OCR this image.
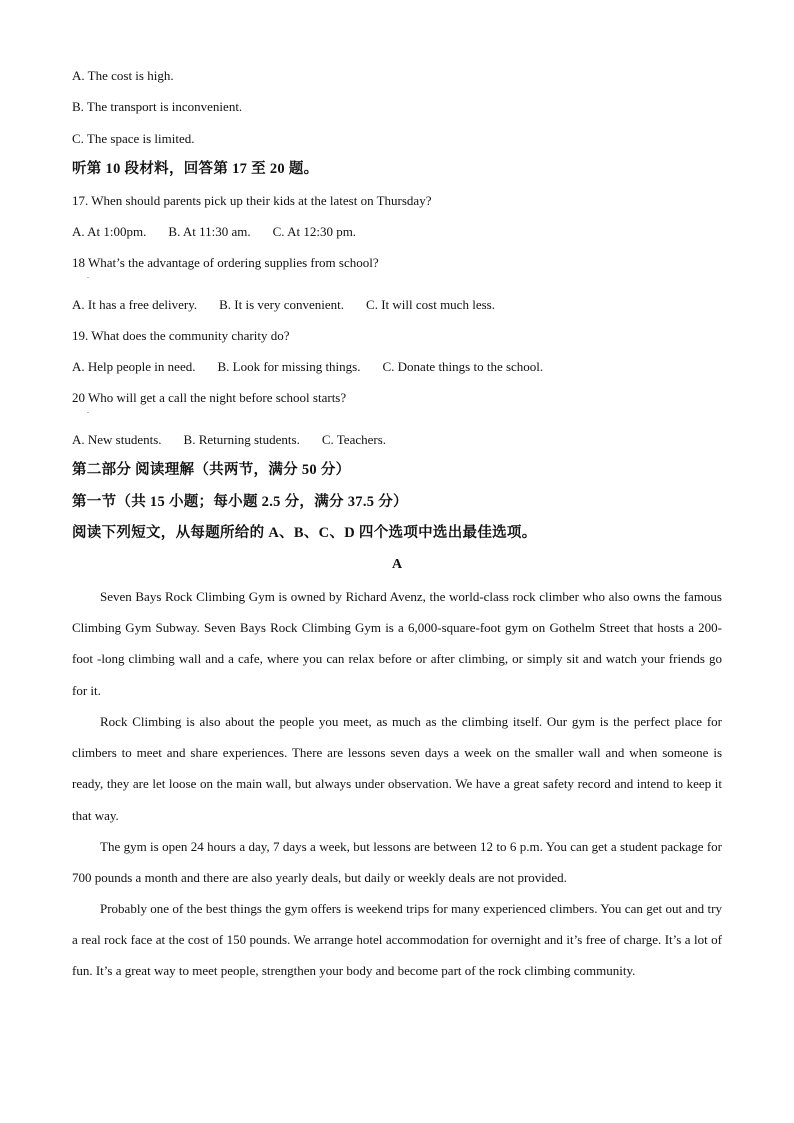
A. The cost is high.
B. The transport is inconvenient.
C. The space is limited.
听第 10 段材料，回答第 17 至 20 题。
17. When should parents pick up their kids at the latest on Thursday?
A. At 1:00pm. B. At 11:30 am. C. At 12:30 pm.
18 What’s the advantage of ordering supplies from school?
.
A. It has a free delivery. B. It is very convenient. C. It will cost much less.
19. What does the community charity do?
A. Help people in need. B. Look for missing things. C. Donate things to the school.
20 Who will get a call the night before school starts?
.
A. New students. B. Returning students. C. Teachers.
第二部分 阅读理解（共两节，满分 50 分）
第一节（共 15 小题；每小题 2.5 分，满分 37.5 分）
阅读下列短文，从每题所给的 A、B、C、D 四个选项中选出最佳选项。
A

Seven Bays Rock Climbing Gym is owned by Richard Avenz, the world-class rock climber who also owns the famous Climbing Gym Subway. Seven Bays Rock Climbing Gym is a 6,000-square-foot gym on Gothelm Street that hosts a 200-foot -long climbing wall and a cafe, where you can relax before or after climbing, or simply sit and watch your friends go for it.

Rock Climbing is also about the people you meet, as much as the climbing itself. Our gym is the perfect place for climbers to meet and share experiences. There are lessons seven days a week on the smaller wall and when someone is ready, they are let loose on the main wall, but always under observation. We have a great safety record and intend to keep it that way.

The gym is open 24 hours a day, 7 days a week, but lessons are between 12 to 6 p.m. You can get a student package for 700 pounds a month and there are also yearly deals, but daily or weekly deals are not provided.

Probably one of the best things the gym offers is weekend trips for many experienced climbers. You can get out and try a real rock face at the cost of 150 pounds. We arrange hotel accommodation for overnight and it’s free of charge. It’s a lot of fun. It’s a great way to meet people, strengthen your body and become part of the rock climbing community.
